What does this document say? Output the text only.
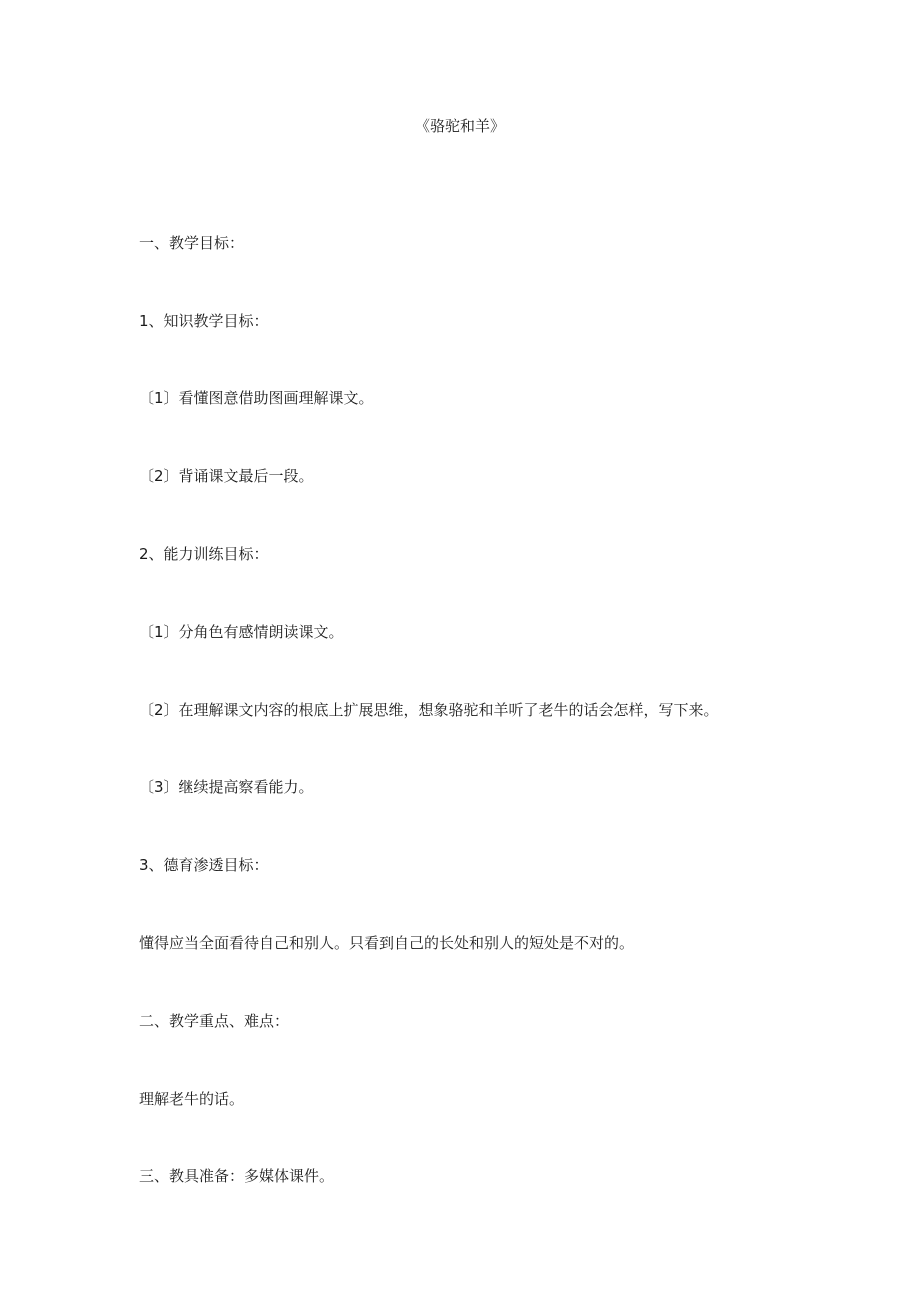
《骆驼和羊》
一、教学目标：
1、知识教学目标：
〔1〕看懂图意借助图画理解课文。
〔2〕背诵课文最后一段。
2、能力训练目标：
〔1〕分角色有感情朗读课文。
〔2〕在理解课文内容的根底上扩展思维，想象骆驼和羊听了老牛的话会怎样，写下来。
〔3〕继续提高察看能力。
3、德育渗透目标：
懂得应当全面看待自己和别人。只看到自己的长处和别人的短处是不对的。
二、教学重点、难点：
理解老牛的话。
三、教具准备：多媒体课件。
